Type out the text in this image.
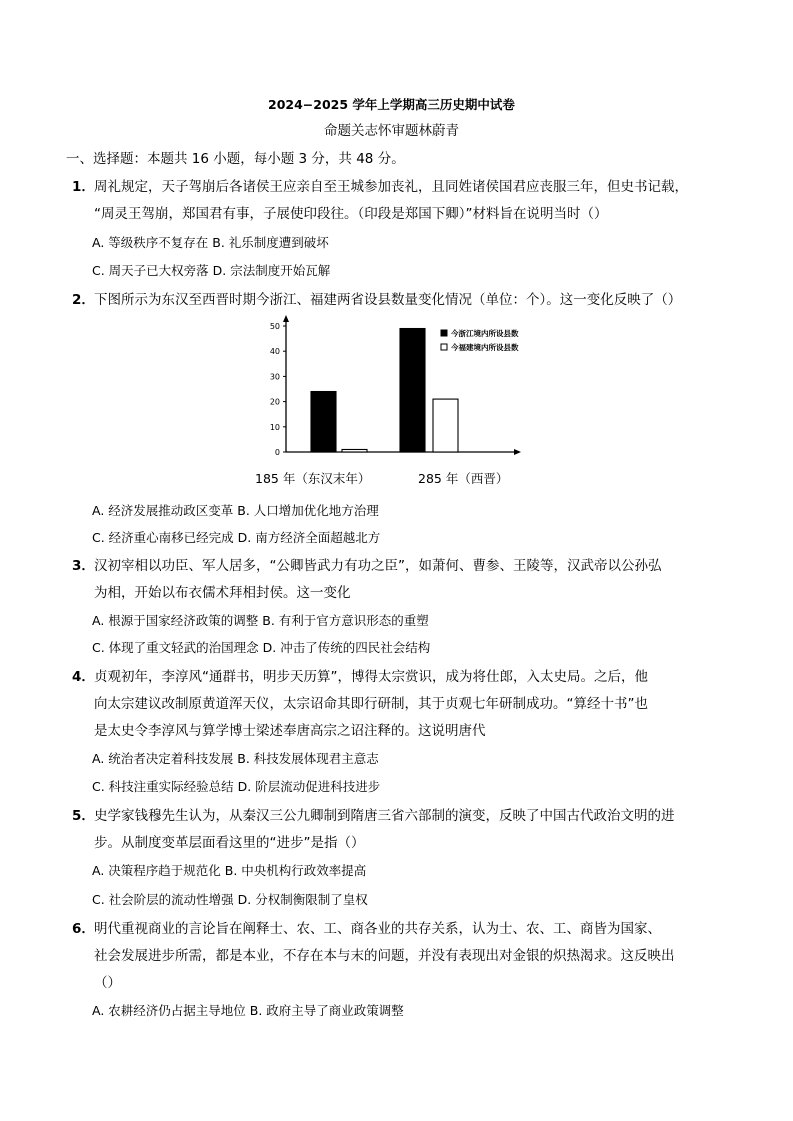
2024−2025 学年上学期高三历史期中试卷
命题关志怀审题林蔚青
一、选择题：本题共 16 小题，每小题 3 分，共 48 分。
1． 周礼规定，天子驾崩后各诸侯王应亲自至王城参加丧礼，且同姓诸侯国君应丧服三年，但史书记载，
“周灵王驾崩，郑国君有事，子展使印段往。（印段是郑国下卿）”材料旨在说明当时（）
A. 等级秩序不复存在 B. 礼乐制度遭到破坏
C. 周天子已大权旁落 D. 宗法制度开始瓦解
2． 下图所示为东汉至西晋时期今浙江、福建两省设县数量变化情况（单位：个）。这一变化反映了（）
0
10
20
30
40
50
今浙江境内所设县数
今福建境内所设县数
185 年（东汉末年）	285 年（西晋）
A. 经济发展推动政区变革 B. 人口增加优化地方治理
C. 经济重心南移已经完成 D. 南方经济全面超越北方
3． 汉初宰相以功臣、军人居多，“公卿皆武力有功之臣”，如萧何、曹参、王陵等，汉武帝以公孙弘
为相，开始以布衣儒术拜相封侯。这一变化
A. 根源于国家经济政策的调整 B. 有利于官方意识形态的重塑
C. 体现了重文轻武的治国理念 D. 冲击了传统的四民社会结构
4． 贞观初年，李淳风“通群书，明步天历算”，博得太宗赏识，成为将仕郎，入太史局。之后，他
向太宗建议改制原黄道浑天仪，太宗诏命其即行研制，其于贞观七年研制成功。“算经十书”也
是太史令李淳风与算学博士梁述奉唐高宗之诏注释的。这说明唐代
A. 统治者决定着科技发展 B. 科技发展体现君主意志
C. 科技注重实际经验总结 D. 阶层流动促进科技进步
5． 史学家钱穆先生认为，从秦汉三公九卿制到隋唐三省六部制的演变，反映了中国古代政治文明的进
步。从制度变革层面看这里的“进步”是指（）
A. 决策程序趋于规范化 B. 中央机构行政效率提高
C. 社会阶层的流动性增强 D. 分权制衡限制了皇权
6． 明代重视商业的言论旨在阐释士、农、工、商各业的共存关系，认为士、农、工、商皆为国家、
社会发展进步所需，都是本业，不存在本与末的问题，并没有表现出对金银的炽热渴求。这反映出
（）
A. 农耕经济仍占据主导地位 B. 政府主导了商业政策调整
